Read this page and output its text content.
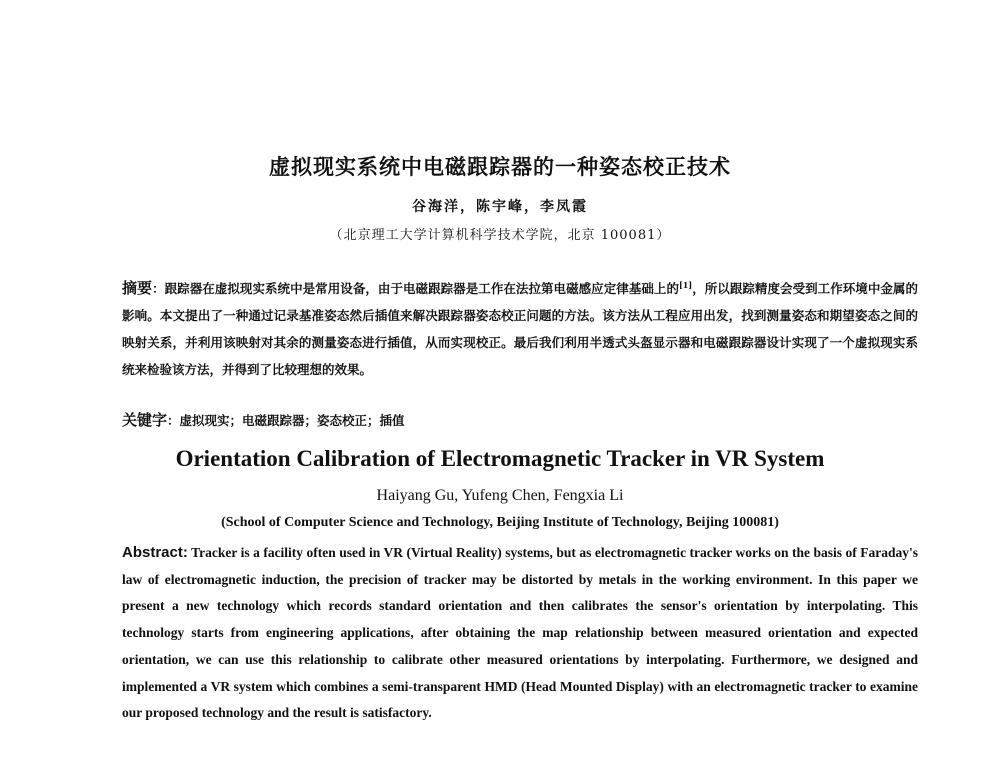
虚拟现实系统中电磁跟踪器的一种姿态校正技术
谷海洋，陈宇峰，李凤霞
（北京理工大学计算机科学技术学院，北京 100081）
摘要：跟踪器在虚拟现实系统中是常用设备，由于电磁跟踪器是工作在法拉第电磁感应定律基础上的[1]，所以跟踪精度会受到工作环境中金属的影响。本文提出了一种通过记录基准姿态然后插值来解决跟踪器姿态校正问题的方法。该方法从工程应用出发，找到测量姿态和期望姿态之间的映射关系，并利用该映射对其余的测量姿态进行插值，从而实现校正。最后我们利用半透式头盔显示器和电磁跟踪器设计实现了一个虚拟现实系统来检验该方法，并得到了比较理想的效果。
关键字：虚拟现实；电磁跟踪器；姿态校正；插值
Orientation Calibration of Electromagnetic Tracker in VR System
Haiyang Gu, Yufeng Chen, Fengxia Li
(School of Computer Science and Technology, Beijing Institute of Technology, Beijing 100081)
Abstract: Tracker is a facility often used in VR (Virtual Reality) systems, but as electromagnetic tracker works on the basis of Faraday's law of electromagnetic induction, the precision of tracker may be distorted by metals in the working environment. In this paper we present a new technology which records standard orientation and then calibrates the sensor's orientation by interpolating. This technology starts from engineering applications, after obtaining the map relationship between measured orientation and expected orientation, we can use this relationship to calibrate other measured orientations by interpolating. Furthermore, we designed and implemented a VR system which combines a semi-transparent HMD (Head Mounted Display) with an electromagnetic tracker to examine our proposed technology and the result is satisfactory.
